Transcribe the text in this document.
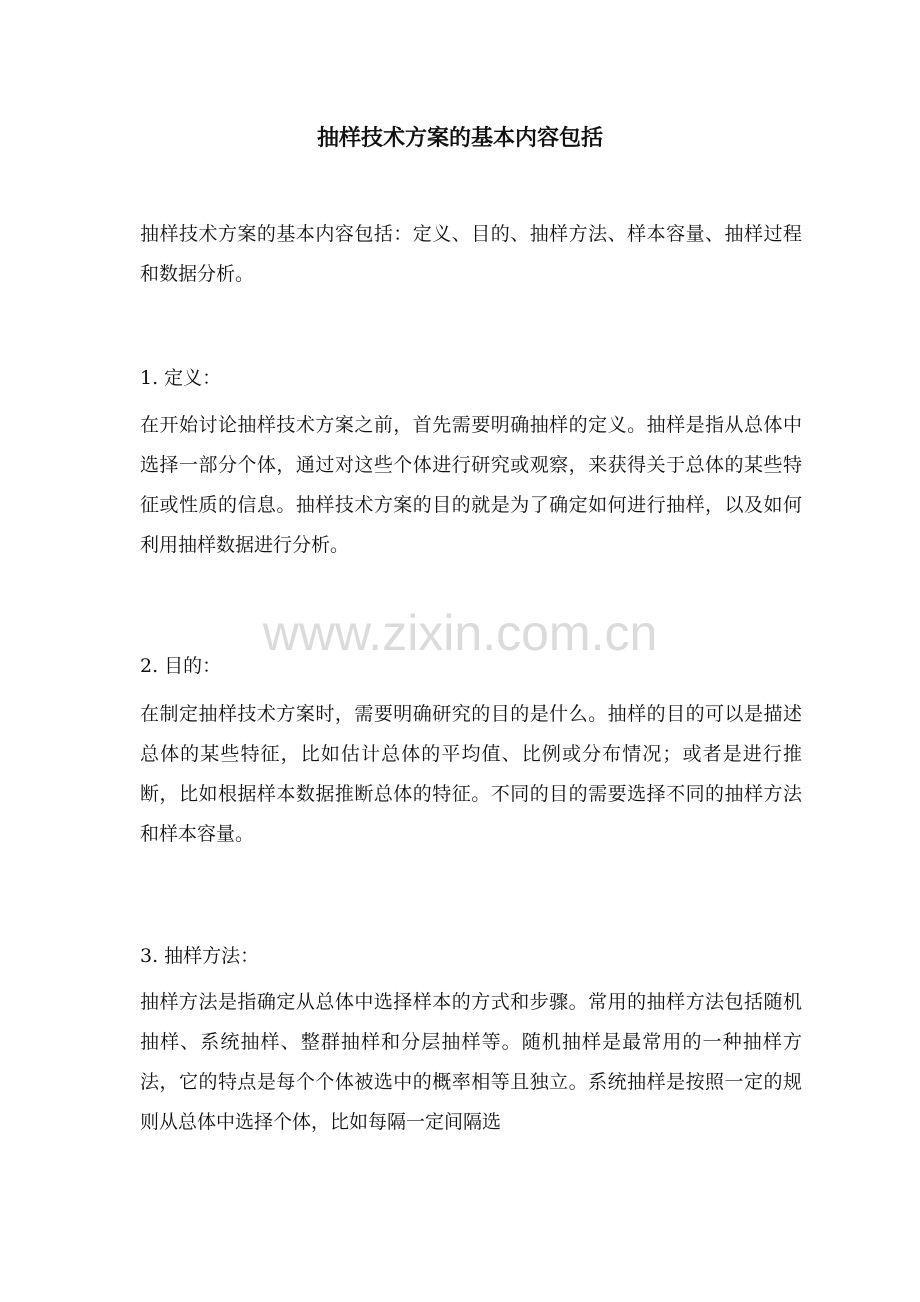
抽样技术方案的基本内容包括
抽样技术方案的基本内容包括：定义、目的、抽样方法、样本容量、抽样过程和数据分析。
1. 定义：
在开始讨论抽样技术方案之前，首先需要明确抽样的定义。抽样是指从总体中选择一部分个体，通过对这些个体进行研究或观察，来获得关于总体的某些特征或性质的信息。抽样技术方案的目的就是为了确定如何进行抽样，以及如何利用抽样数据进行分析。
2. 目的：
在制定抽样技术方案时，需要明确研究的目的是什么。抽样的目的可以是描述总体的某些特征，比如估计总体的平均值、比例或分布情况；或者是进行推断，比如根据样本数据推断总体的特征。不同的目的需要选择不同的抽样方法和样本容量。
3. 抽样方法：
抽样方法是指确定从总体中选择样本的方式和步骤。常用的抽样方法包括随机抽样、系统抽样、整群抽样和分层抽样等。随机抽样是最常用的一种抽样方法，它的特点是每个个体被选中的概率相等且独立。系统抽样是按照一定的规则从总体中选择个体，比如每隔一定间隔选
www.zixin.com.cn
